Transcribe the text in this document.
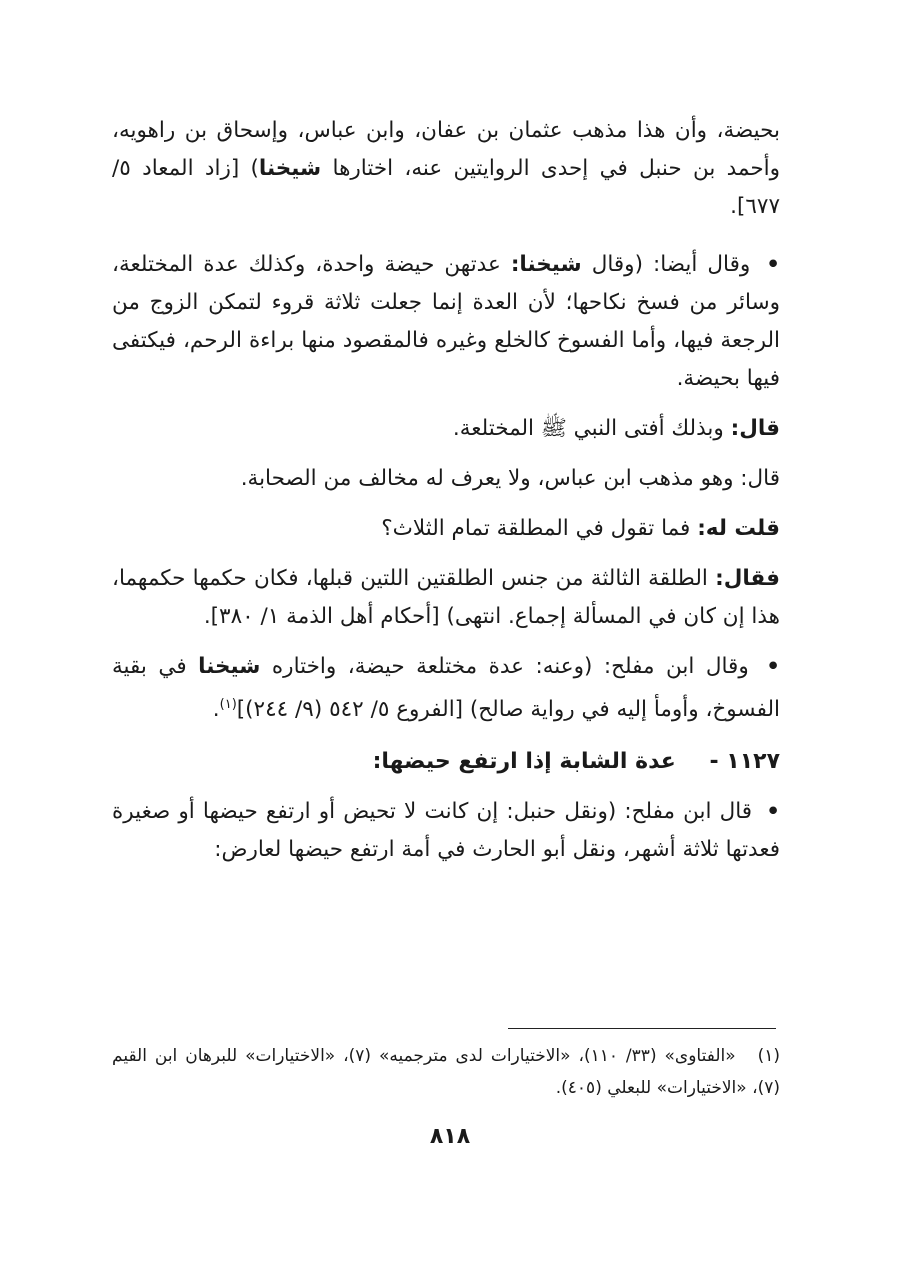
بحيضة، وأن هذا مذهب عثمان بن عفان، وابن عباس، وإسحاق بن راهويه، وأحمد بن حنبل في إحدى الروايتين عنه، اختارها شيخنا) [زاد المعاد ٥/ ٦٧٧].

• وقال أيضا: (وقال شيخنا: عدتهن حيضة واحدة، وكذلك عدة المختلعة، وسائر من فسخ نكاحها؛ لأن العدة إنما جعلت ثلاثة قروء لتمكن الزوج من الرجعة فيها، وأما الفسوخ كالخلع وغيره فالمقصود منها براءة الرحم، فيكتفى فيها بحيضة.

قال: وبذلك أفتى النبي ﷺ المختلعة.

قال: وهو مذهب ابن عباس، ولا يعرف له مخالف من الصحابة.

قلت له: فما تقول في المطلقة تمام الثلاث؟

فقال: الطلقة الثالثة من جنس الطلقتين اللتين قبلها، فكان حكمها حكمهما، هذا إن كان في المسألة إجماع. انتهى) [أحكام أهل الذمة ١/ ٣٨٠].

• وقال ابن مفلح: (وعنه: عدة مختلعة حيضة، واختاره شيخنا في بقية الفسوخ، وأومأ إليه في رواية صالح) [الفروع ٥/ ٥٤٢ (٩/ ٢٤٤)]$^{(١)}$.

١١٢٧ - عدة الشابة إذا ارتفع حيضها:

• قال ابن مفلح: (ونقل حنبل: إن كانت لا تحيض أو ارتفع حيضها أو صغيرة فعدتها ثلاثة أشهر، ونقل أبو الحارث في أمة ارتفع حيضها لعارض:

(١) «الفتاوى» (٣٣/ ١١٠)، «الاختيارات لدى مترجميه» (٧)، «الاختيارات» للبرهان ابن القيم (٧)، «الاختيارات» للبعلي (٤٠٥).
٨١٨
